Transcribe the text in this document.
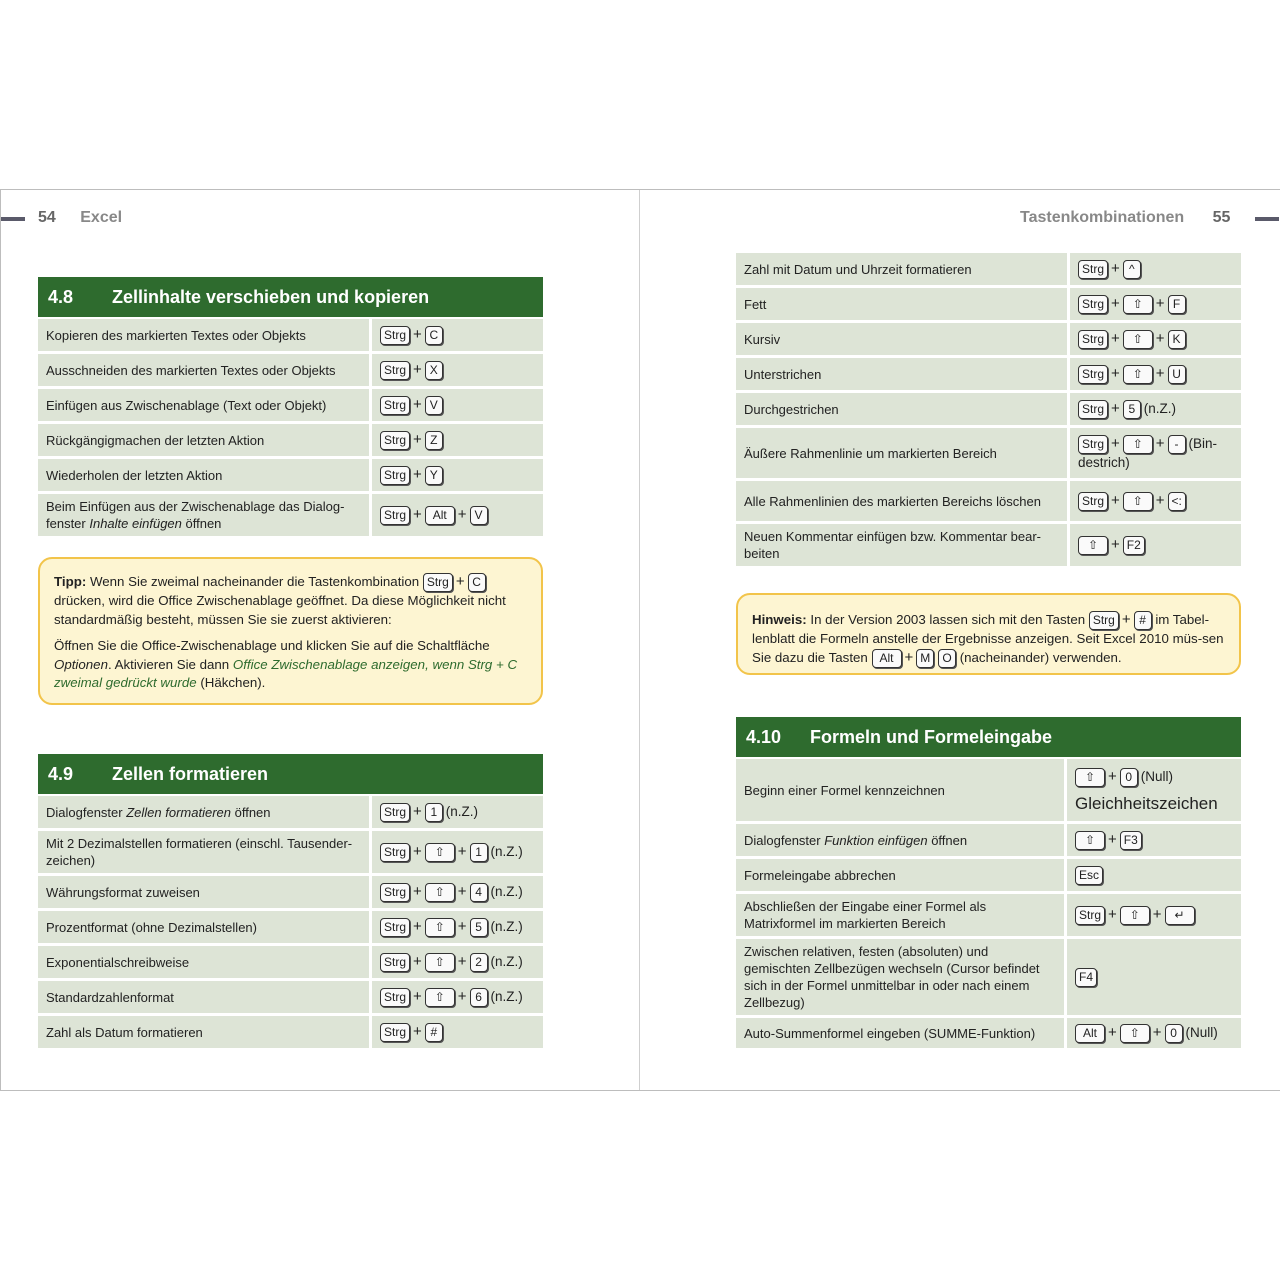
54 Excel	Tastenkombinationen 55
4.8	Zellinhalte verschieben und kopieren
Kopieren des markierten Textes oder Objekts	Strg + C
Ausschneiden des markierten Textes oder Objekts	Strg + X
Einfügen aus Zwischenablage (Text oder Objekt)	Strg + V
Rückgängigmachen der letzten Aktion	Strg + Z
Wiederholen der letzten Aktion	Strg + Y
Beim Einfügen aus der Zwischenablage das Dialog-fenster Inhalte einfügen öffnen	Strg + Alt + V

Tipp: Wenn Sie zweimal nacheinander die Tastenkombination Strg + C drücken, wird die Office Zwischenablage geöffnet. Da diese Möglichkeit nicht standardmäßig besteht, müssen Sie sie zuerst aktivieren:

Öffnen Sie die Office-Zwischenablage und klicken Sie auf die Schaltfläche Optionen. Aktivieren Sie dann Office Zwischenablage anzeigen, wenn Strg + C zweimal gedrückt wurde (Häkchen).

4.9	Zellen formatieren
Dialogfenster Zellen formatieren öffnen	Strg + 1 (n.Z.)
Mit 2 Dezimalstellen formatieren (einschl. Tausender-zeichen)	Strg + ⇧ + 1 (n.Z.)
Währungsformat zuweisen	Strg + ⇧ + 4 (n.Z.)
Prozentformat (ohne Dezimalstellen)	Strg + ⇧ + 5 (n.Z.)
Exponentialschreibweise	Strg + ⇧ + 2 (n.Z.)
Standardzahlenformat	Strg + ⇧ + 6 (n.Z.)
Zahl als Datum formatieren	Strg + #
Zahl mit Datum und Uhrzeit formatieren	Strg + ^
Fett	Strg + ⇧ + F
Kursiv	Strg + ⇧ + K
Unterstrichen	Strg + ⇧ + U
Durchgestrichen	Strg + 5 (n.Z.)
Äußere Rahmenlinie um markierten Bereich	Strg + ⇧ + - (Bin-destrich)
Alle Rahmenlinien des markierten Bereichs löschen	Strg + ⇧ + <:
Neuen Kommentar einfügen bzw. Kommentar bear-beiten	⇧ + F2

Hinweis: In der Version 2003 lassen sich mit den Tasten Strg + # im Tabel-lenblatt die Formeln anstelle der Ergebnisse anzeigen. Seit Excel 2010 müs-sen Sie dazu die Tasten Alt + M O (nacheinander) verwenden.

4.10	Formeln und Formeleingabe
Beginn einer Formel kennzeichnen	⇧ + 0 (Null)
Gleichheitszeichen

Dialogfenster Funktion einfügen öffnen	⇧ + F3
Formeleingabe abbrechen	Esc
Abschließen der Eingabe einer Formel als Matrixformel im markierten Bereich	Strg + ⇧ + ↵
Zwischen relativen, festen (absoluten) und gemischten Zellbezügen wechseln (Cursor befindet sich in der Formel unmittelbar in oder nach einem Zellbezug)	F4
Auto-Summenformel eingeben (SUMME-Funktion)	Alt + ⇧ + 0 (Null)
